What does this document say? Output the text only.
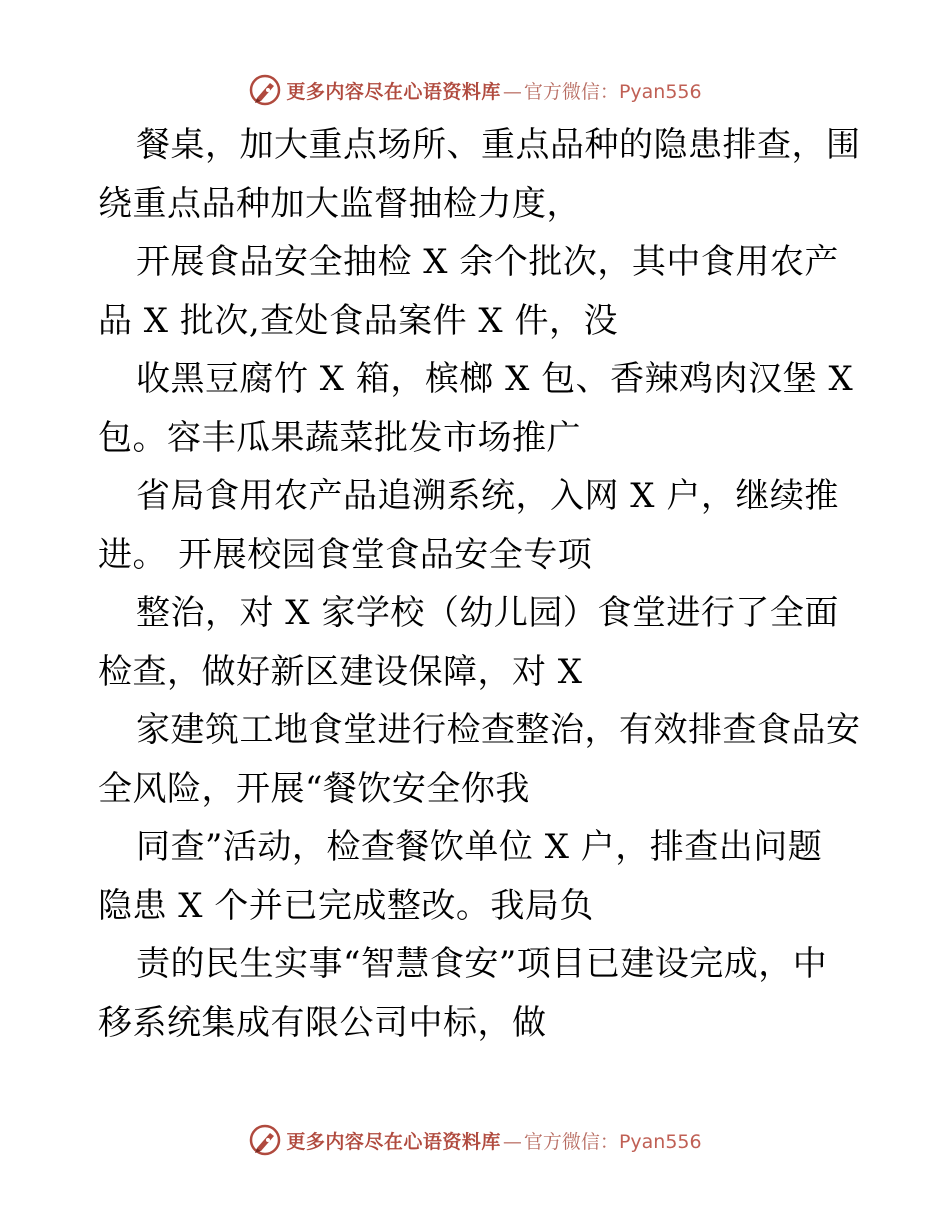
更多内容尽在心语资料库 — 官方微信：Pyan556
餐桌，加大重点场所、重点品种的隐患排查，围
绕重点品种加大监督抽检力度，
开展食品安全抽检 X 余个批次，其中食用农产
品 X 批次,查处食品案件 X 件，没
收黑豆腐竹 X 箱，槟榔 X 包、香辣鸡肉汉堡 X
包。容丰瓜果蔬菜批发市场推广
省局食用农产品追溯系统，入网 X 户，继续推
进。 开展校园食堂食品安全专项
整治，对 X 家学校（幼儿园）食堂进行了全面
检查，做好新区建设保障，对 X
家建筑工地食堂进行检查整治，有效排查食品安
全风险，开展“餐饮安全你我
同查”活动，检查餐饮单位 X 户，排查出问题
隐患 X 个并已完成整改。我局负
责的民生实事“智慧食安”项目已建设完成，中
移系统集成有限公司中标，做
更多内容尽在心语资料库 — 官方微信：Pyan556
